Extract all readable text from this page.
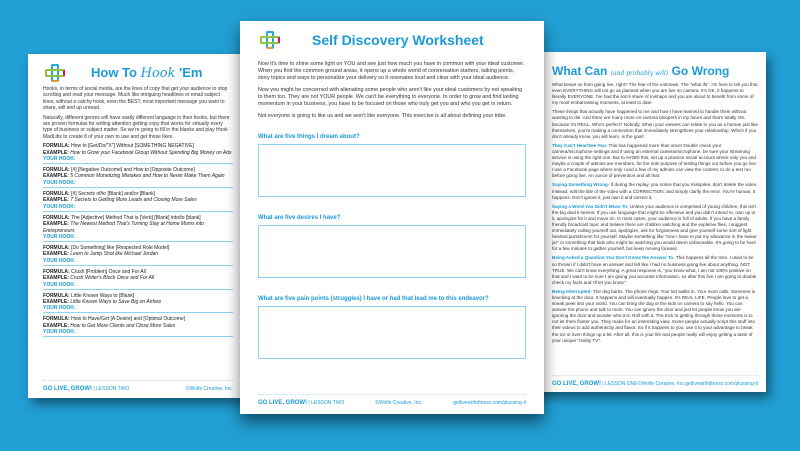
How To Hook 'Em

Hooks, in terms of social media, are the lines of copy that get your audience to stop scrolling and read your message. Much like intriguing headlines or email subject lines, without a catchy hook, even the BEST, most important message you want to share, will end up unread.

Naturally, different genres will have vastly different language in their hooks, but there are proven formulas for writing attention getting copy that works for virtually every type of business or subject matter. So we're going to fill in the blanks and play Hook MadLibs to create 8 of your own to use and get those likes.

FORMULA: How to [Get/Do/"X"] Without [SOMETHING NEGATIVE]
EXAMPLE: How to Grow your Facebook Group Without Spending Big Money on Ads
YOUR HOOK:
FORMULA: [#] [Negative Outcome] and How to [Opposite Outcome]
EXAMPLE: 5 Common Monetizing Mistakes and How to Never Make Them Again
YOUR HOOK:
FORMULA: [#] Secrets of/to [Blank] and/or [Blank]
EXAMPLE: 7 Secrets to Getting More Leads and Closing More Sales
YOUR HOOK:
FORMULA: The [Adjective] Method That is [Verb] [Blank] into/to [blank]
EXAMPLE: The Newest Method That's Turning Stay at Home Moms into Entrepreneurs
YOUR HOOK:
FORMULA: [Do Something] like [Respected Role Model]
EXAMPLE: Learn to Jump Shot like Michael Jordan
YOUR HOOK:
FORMULA: Crush [Problem] Once and For All
EXAMPLE: Crush Writer's Block Once and For All
YOUR HOOK:
FORMULA: Little Known Ways to [Blank]
EXAMPLE: Little Known Ways to Save Big on Airfare
YOUR HOOK:
FORMULA: How to Have/Get [A Desire] and [Optimal Outcome]
EXAMPLE: How to Get More Clients and Close More Sales
YOUR HOOK:
GO LIVE, GROW! | LESSON TWO	©Wolfe Creative, Inc.
What Can (and probably will) Go Wrong

What keeps us from going live, right? The fear of the unknown. The "what ifs". I'm here to tell you that even EVERYTHING will not go as planned when you are live on camera. It's OK, it happens to literally EVERYONE. I've had the lion's share of mishaps and you are about to benefit from some of my most embarrassing moments, at least to date.

These things that actually have happened to me and how I have learned to handle them without wanting to die. And there are many more on-camera bloopers in my future and that's totally OK, because it's REAL. Who's perfect? Nobody. When your viewers can relate to you as a human just like themselves, you're making a connection that immediately strengthens your relationship. Which if you don't already know, you will learn, is the goal!

They Can't Hear/See You- This has happened more than once! Double check your camera/microphone settings and if using an external camera/microphone, be sure your streaming service is using the right one. But to AVOID this, set up a practice social account where only you and maybe a couple of admins are members, for the sole purpose of testing things out before you go live. I use a Facebook page where only I and a few of my admins can view the content, to do a test run before going live. An ounce of prevention and all that.

Saying Something Wrong- If during the replay, you notice that you misspoke, don't delete the video. Instead, edit the title of the video with a CORRECTION: and simply clarify the error. You're human, it happens. Don't ignore it, just own it and correct it.

Saying a Word You Didn't Mean To- Unless your audience is comprised of young children, this isn't the big deal it seems. If you use language that might be offensive and you didn't intend to, own up to it, apologize for it and move on. In most cases, your audience is full of adults. If you have a family friendly broadcast topic and believe there are children watching and the expletive flies, I suggest immediately calling yourself out, apologize, ask for forgiveness and give yourself some sort of light hearted punishment for yourself. Maybe something like "now I have to put my allowance in the swear jar" or something that kids who might be watching you would deem unfavorable. It's going to be hard for a few minutes to gather yourself, but keep moving forward.

Being Asked a Question You Don't Know the Answer To- This happens all the time. I used to be so thrown if I didn't have an answer and felt like I had no business going live about anything. NOT TRUE. We can't know everything. A great response is, "you know what, I am not 100% positive on that and I want to be sure I am giving you accurate information, so after this live I am going to double check my facts and I'll let you know."

Being Interrupted- The dog barks. The phone rings. Your kid walks in. Your mom calls. Someone is knocking at the door. It happens and will eventually happen. It's REAL LIFE. People love to get a sneak peek into your world. You can bring the dog or the kids on camera to say hello. You can answer the phone and talk to mom. You can ignore the door and just let people know you are ignoring the door and wonder who it is. Roll with it. The trick to getting through these moments is to not let them fluster you. They make for an interesting view. Some people actually script this stuff into their videos to add authenticity and flavor. So if it happens to you, use it to your advantage to break the ice or liven things up a bit. After all, this is your life and people really will enjoy getting a taste of your unique "reality TV".

GO LIVE, GROW! | LESSON ONE ©Wolfe Creative, Inc. getlivewithdtness.com/plussing-it
Self Discovery Worksheet

Now it's time to shine some light on YOU and see just how much you have in common with your ideal customer. When you find the common ground areas, it opens up a whole world of conversation starters, talking points, story topics and ways to personalize your delivery so it resonates loud and clear with your ideal audience.

Now you might be concerned with alienating some people who aren't like your ideal customers by not speaking to them too. They are not YOUR people. We can't be everything to everyone. In order to grow and find lasting momentum in your business, you have to be focused on those who truly get you and who you get in return.

Not everyone is going to like us and we won't like everyone. This exercise is all about defining your tribe.

What are five things I dream about?
What are five desires I have?
What are five pain points (struggles) I have or had that lead me to this endeavor?
GO LIVE, GROW! | LESSON TWO	©Wolfe Creative, Inc.	getlivewithdtness.com/plussing-it
